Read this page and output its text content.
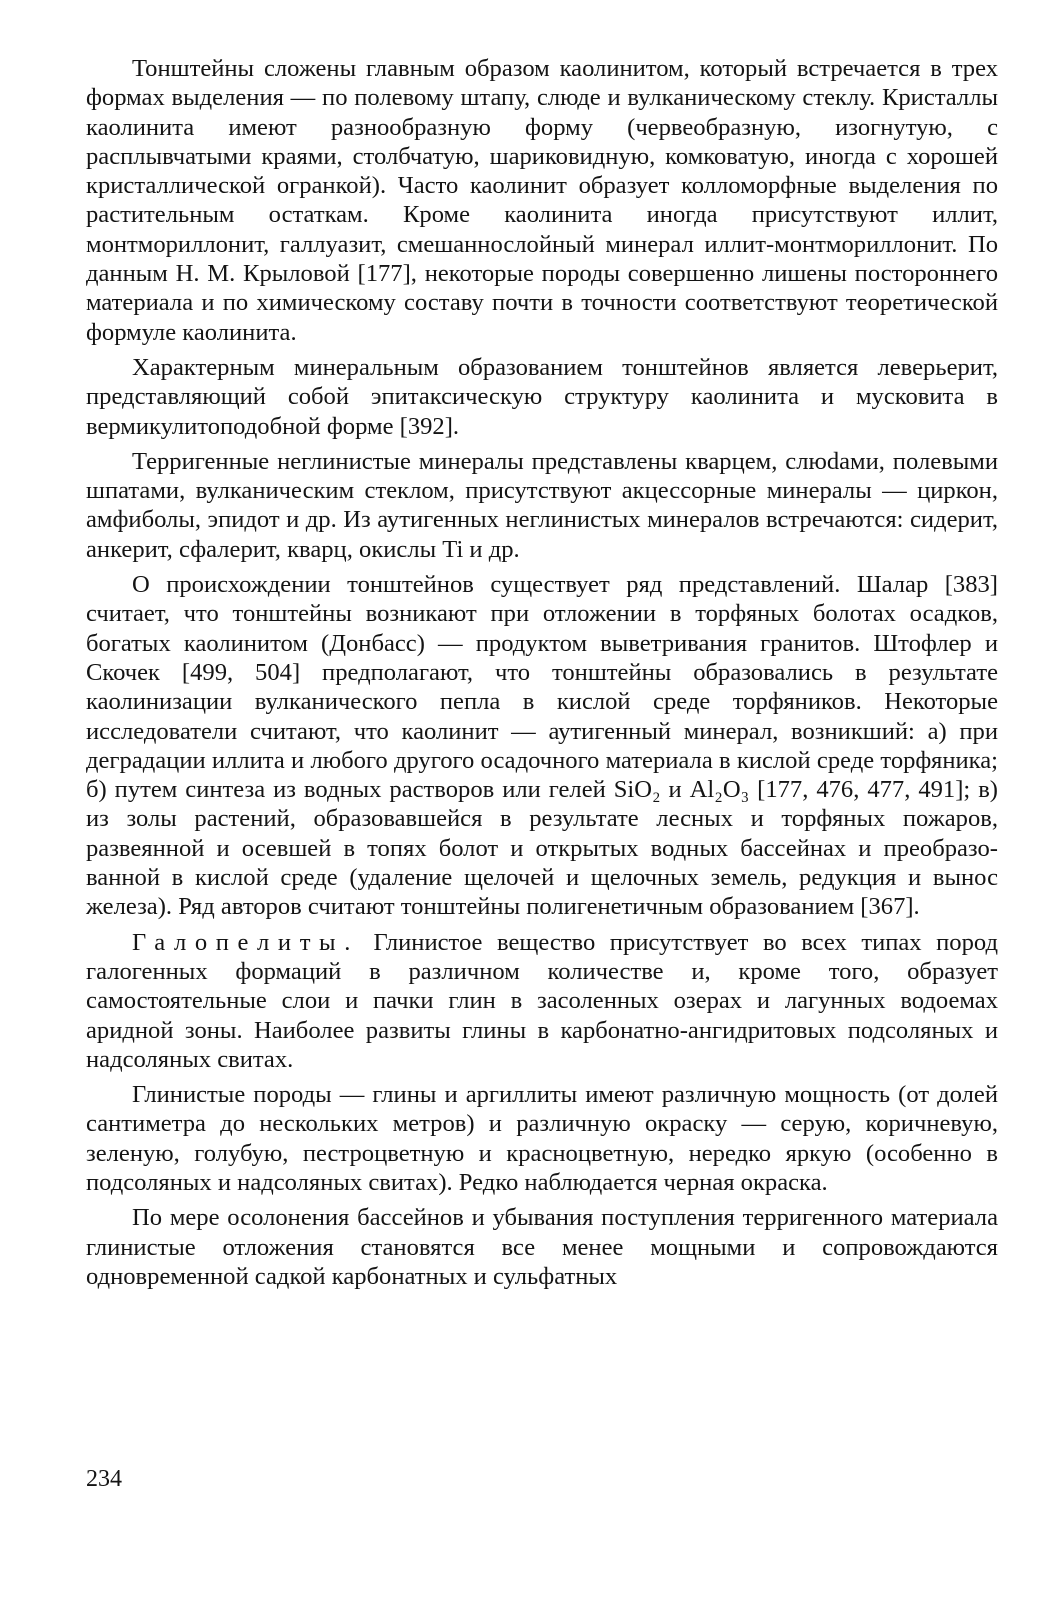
Тонштейны сложены главным образом каолинитом, который встречается в трех формах выделения — по полевому штапу, слюде и вулканическому стеклу. Кристаллы каолинита имеют разнообразную форму (червеобразную, изогнутую, с расплывчатыми краями, столбчатую, шариковидную, комковатую, иногда с хорошей кристаллической огранкой). Часто каолинит образует колломорфные выделения по растительным остаткам. Кроме каолинита иногда присутствуют иллит, монтмориллонит, галлуазит, смешаннослойный минерал иллит-монтмориллонит. По данным Н. М. Крыловой [177], некоторые породы совершенно лишены постороннего материала и по химическому составу почти в точности соответствуют теоретической формуле каолинита.

Характерным минеральным образованием тонштейнов является леверьерит, представляющий собой эпитаксическую структуру каолинита и мусковита в вермикулитоподобной форме [392].

Терригенные неглинистые минералы представлены кварцем, слюdами, полевыми шпатами, вулканическим стеклом, присутствуют акцессорные минералы — циркон, амфиболы, эпидот и др. Из аутигенных неглинистых минералов встречаются: сидерит, анкерит, сфалерит, кварц, окислы Ti и др.

О происхождении тонштейнов существует ряд представлений. Шалар [383] считает, что тонштейны возникают при отложении в торфяных болотах осадков, богатых каолинитом (Донбасс) — продуктом выветривания гранитов. Штофлер и Скочек [499, 504] предполагают, что тонштейны образовались в результате каолинизации вулканического пепла в кислой среде торфяников. Некоторые исследователи считают, что каолинит — аутигенный минерал, возникший: а) при деградации иллита и любого другого осадочного материала в кислой среде торфяника; б) путем синтеза из водных растворов или гелей SiO₂ и Al₂O₃ [177, 476, 477, 491]; в) из золы растений, образовавшейся в результате лесных и торфяных пожаров, развеянной и осевшей в топях болот и открытых водных бассейнах и преобразованной в кислой среде (удаление щелочей и щелочных земель, редукция и вынос железа). Ряд авторов считают тонштейны полигенетичным образованием [367].

Галопелиты. Глинистое вещество присутствует во всех типах пород галогенных формаций в различном количестве и, кроме того, образует самостоятельные слои и пачки глин в засоленных озерах и лагунных водоемах аридной зоны. Наиболее развиты глины в карбонатно-ангидритовых подсоляных и надсоляных свитах.

Глинистые породы — глины и аргиллиты имеют различную мощность (от долей сантиметра до нескольких метров) и различную окраску — серую, коричневую, зеленую, голубую, пестроцветную и красноцветную, нередко яркую (особенно в подсоляных и надсоляных свитах). Редко наблюдается черная окраска.

По мере осолонения бассейнов и убывания поступления терригенного материала глинистые отложения становятся все менее мощными и сопровождаются одновременной садкой карбонатных и сульфатных

234
